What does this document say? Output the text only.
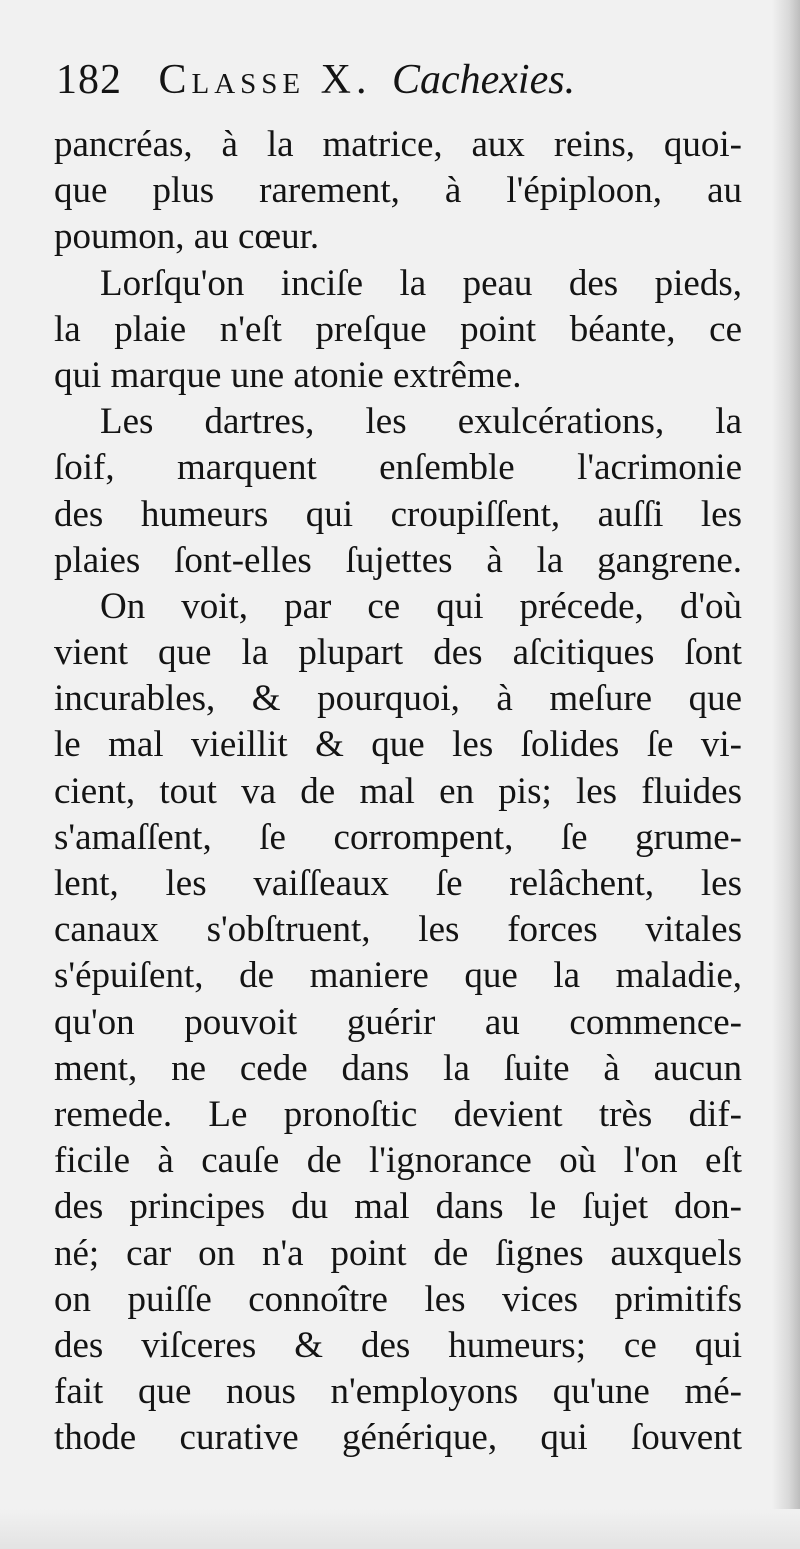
182 Classe X. Cachexies.
pancréas, à la matrice, aux reins, quoi-
que plus rarement, à l'épiploon, au
poumon, au cœur.
Lorſqu'on inciſe la peau des pieds,
la plaie n'eſt preſque point béante, ce
qui marque une atonie extrême.
Les dartres, les exulcérations, la
ſoif, marquent enſemble l'acrimonie
des humeurs qui croupiſſent, auſſi les
plaies ſont-elles ſujettes à la gangrene.
On voit, par ce qui précede, d'où
vient que la plupart des aſcitiques ſont
incurables, & pourquoi, à meſure que
le mal vieillit & que les ſolides ſe vi-
cient, tout va de mal en pis; les fluides
s'amaſſent, ſe corrompent, ſe grume-
lent, les vaiſſeaux ſe relâchent, les
canaux s'obſtruent, les forces vitales
s'épuiſent, de maniere que la maladie,
qu'on pouvoit guérir au commence-
ment, ne cede dans la ſuite à aucun
remede. Le pronoſtic devient très dif-
ficile à cauſe de l'ignorance où l'on eſt
des principes du mal dans le ſujet don-
né; car on n'a point de ſignes auxquels
on puiſſe connoître les vices primitifs
des viſceres & des humeurs; ce qui
fait que nous n'employons qu'une mé-
thode curative générique, qui ſouvent
